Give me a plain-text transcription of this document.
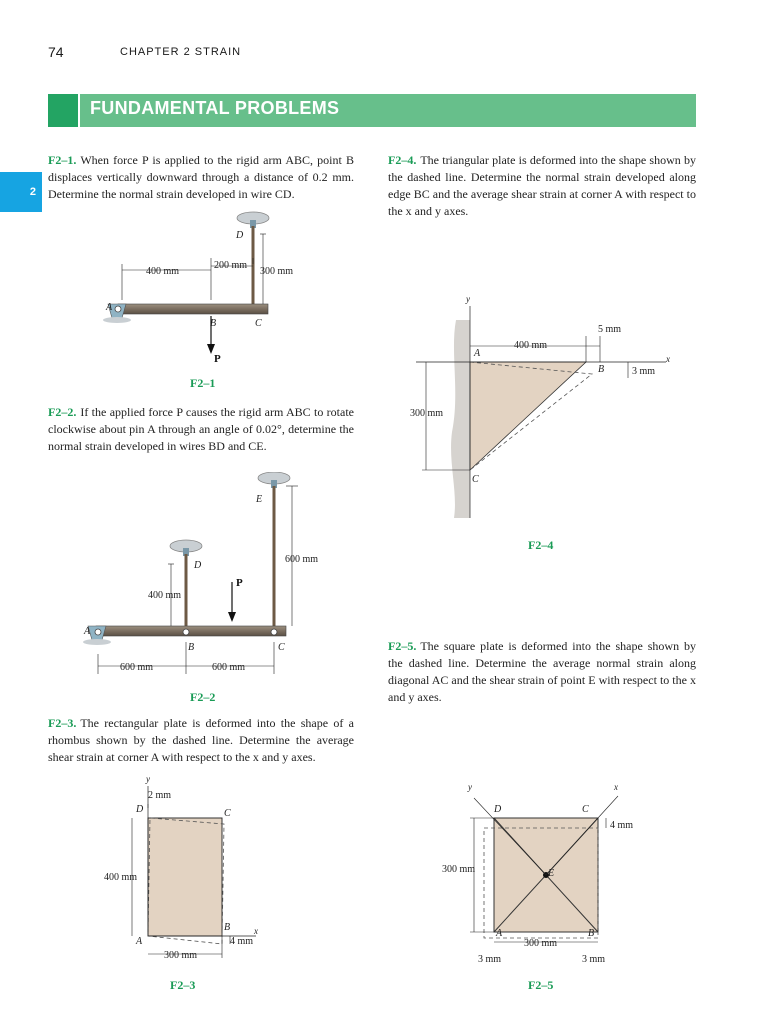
74	CHAPTER 2 STRAIN
FUNDAMENTAL PROBLEMS
2
F2–1. When force P is applied to the rigid arm ABC, point B displaces vertically downward through a distance of 0.2 mm. Determine the normal strain developed in wire CD.
F2–2. If the applied force P causes the rigid arm ABC to rotate clockwise about pin A through an angle of 0.02°, determine the normal strain developed in wires BD and CE.
F2–3. The rectangular plate is deformed into the shape of a rhombus shown by the dashed line. Determine the average shear strain at corner A with respect to the x and y axes.
F2–4. The triangular plate is deformed into the shape shown by the dashed line. Determine the normal strain developed along edge BC and the average shear strain at corner A with respect to the x and y axes.
F2–5. The square plate is deformed into the shape shown by the dashed line. Determine the average normal strain along diagonal AC and the shear strain of point E with respect to the x and y axes.
400 mm
200 mm
300 mm
D
A
B	C
P
F2–1
400 mm
600 mm
600 mm	600 mm
E
D
A
B	C
P
F2–2
y
2 mm
D	C
400 mm
A
B	x
4 mm
300 mm
F2–3
y
400 mm
5 mm
A
B
x
3 mm
300 mm
C
F2–4
y	x
D	C
4 mm
300 mm	E
A	B
300 mm
3 mm	3 mm
F2–5
